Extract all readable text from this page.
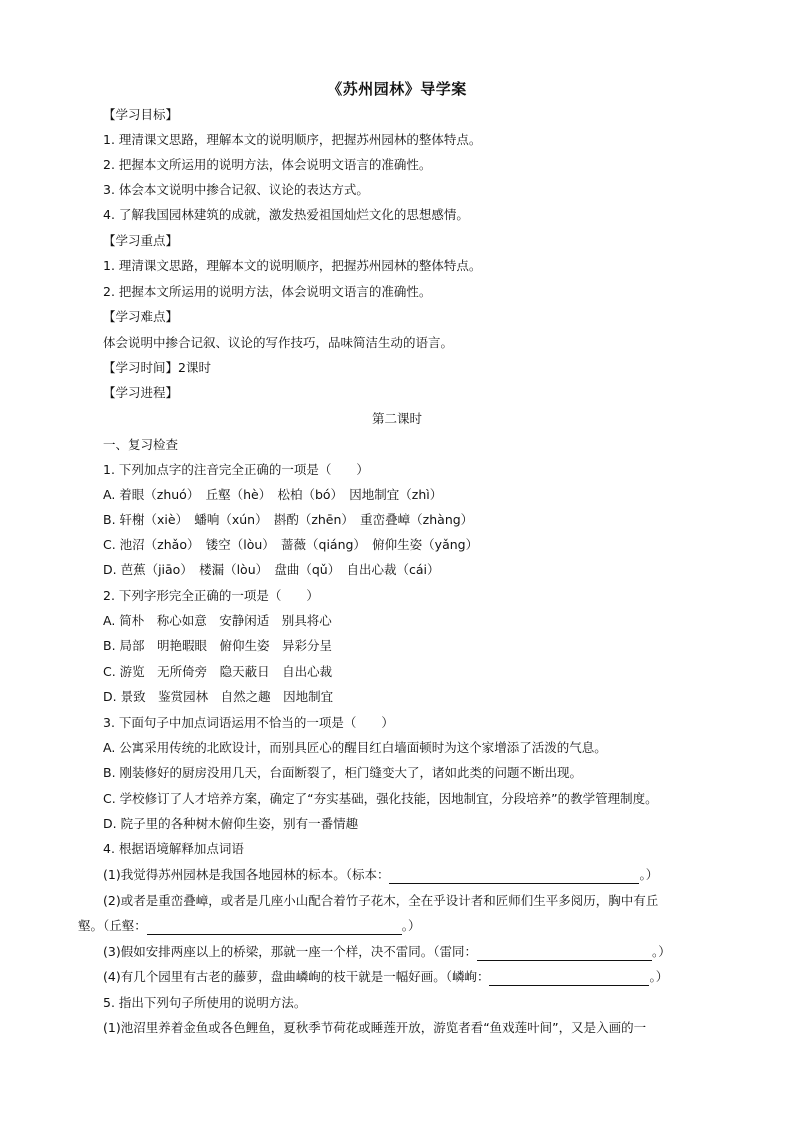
《苏州园林》导学案
【学习目标】
1. 理清课文思路，理解本文的说明顺序，把握苏州园林的整体特点。
2. 把握本文所运用的说明方法，体会说明文语言的准确性。
3. 体会本文说明中掺合记叙、议论的表达方式。
4. 了解我国园林建筑的成就，激发热爱祖国灿烂文化的思想感情。
【学习重点】
1. 理清课文思路，理解本文的说明顺序，把握苏州园林的整体特点。
2. 把握本文所运用的说明方法，体会说明文语言的准确性。
【学习难点】
体会说明中掺合记叙、议论的写作技巧，品味简洁生动的语言。
【学习时间】2课时
【学习进程】
第二课时
一、复习检查
1. 下列加点字的注音完全正确的一项是（　　）
A. 着眼（zhuó）　丘壑（hè）　松柏（bó）　因地制宜（zhì）
B. 轩榭（xiè）　蟠响（xún）　斟酌（zhēn）　重峦叠嶂（zhàng）
C. 池沼（zhǎo）　镂空（lòu）　蔷薇（qiáng）　俯仰生姿（yǎng）
D. 芭蕉（jiāo）　楼漏（lòu）　盘曲（qǔ）　自出心裁（cái）
2. 下列字形完全正确的一项是（　　）
A. 简朴　称心如意　安静闲适　别具将心
B. 局部　明艳暇眼　俯仰生姿　异彩分呈
C. 游览　无所倚旁　隐天蔽日　自出心裁
D. 景致　鉴赏园林　自然之趣　因地制宜
3. 下面句子中加点词语运用不恰当的一项是（　　）
A. 公寓采用传统的北欧设计，而别具匠心的醒目红白墙面顿时为这个家增添了活泼的气息。
B. 刚装修好的厨房没用几天，台面断裂了，柜门缝变大了，诸如此类的问题不断出现。
C. 学校修订了人才培养方案，确定了“夯实基础，强化技能，因地制宜，分段培养”的教学管理制度。
D. 院子里的各种树木俯仰生姿，别有一番情趣
4. 根据语境解释加点词语
(1)我觉得苏州园林是我国各地园林的标本。（标本：	。）
(2)或者是重峦叠嶂，或者是几座小山配合着竹子花木，全在乎设计者和匠师们生平多阅历，胸中有丘
壑。（丘壑：	。）
(3)假如安排两座以上的桥梁，那就一座一个样，决不雷同。（雷同：	。）
(4)有几个园里有古老的藤萝，盘曲嶙峋的枝干就是一幅好画。（嶙峋：	。）
5. 指出下列句子所使用的说明方法。
(1)池沼里养着金鱼或各色鲤鱼，夏秋季节荷花或睡莲开放，游览者看“鱼戏莲叶间”，又是入画的一
